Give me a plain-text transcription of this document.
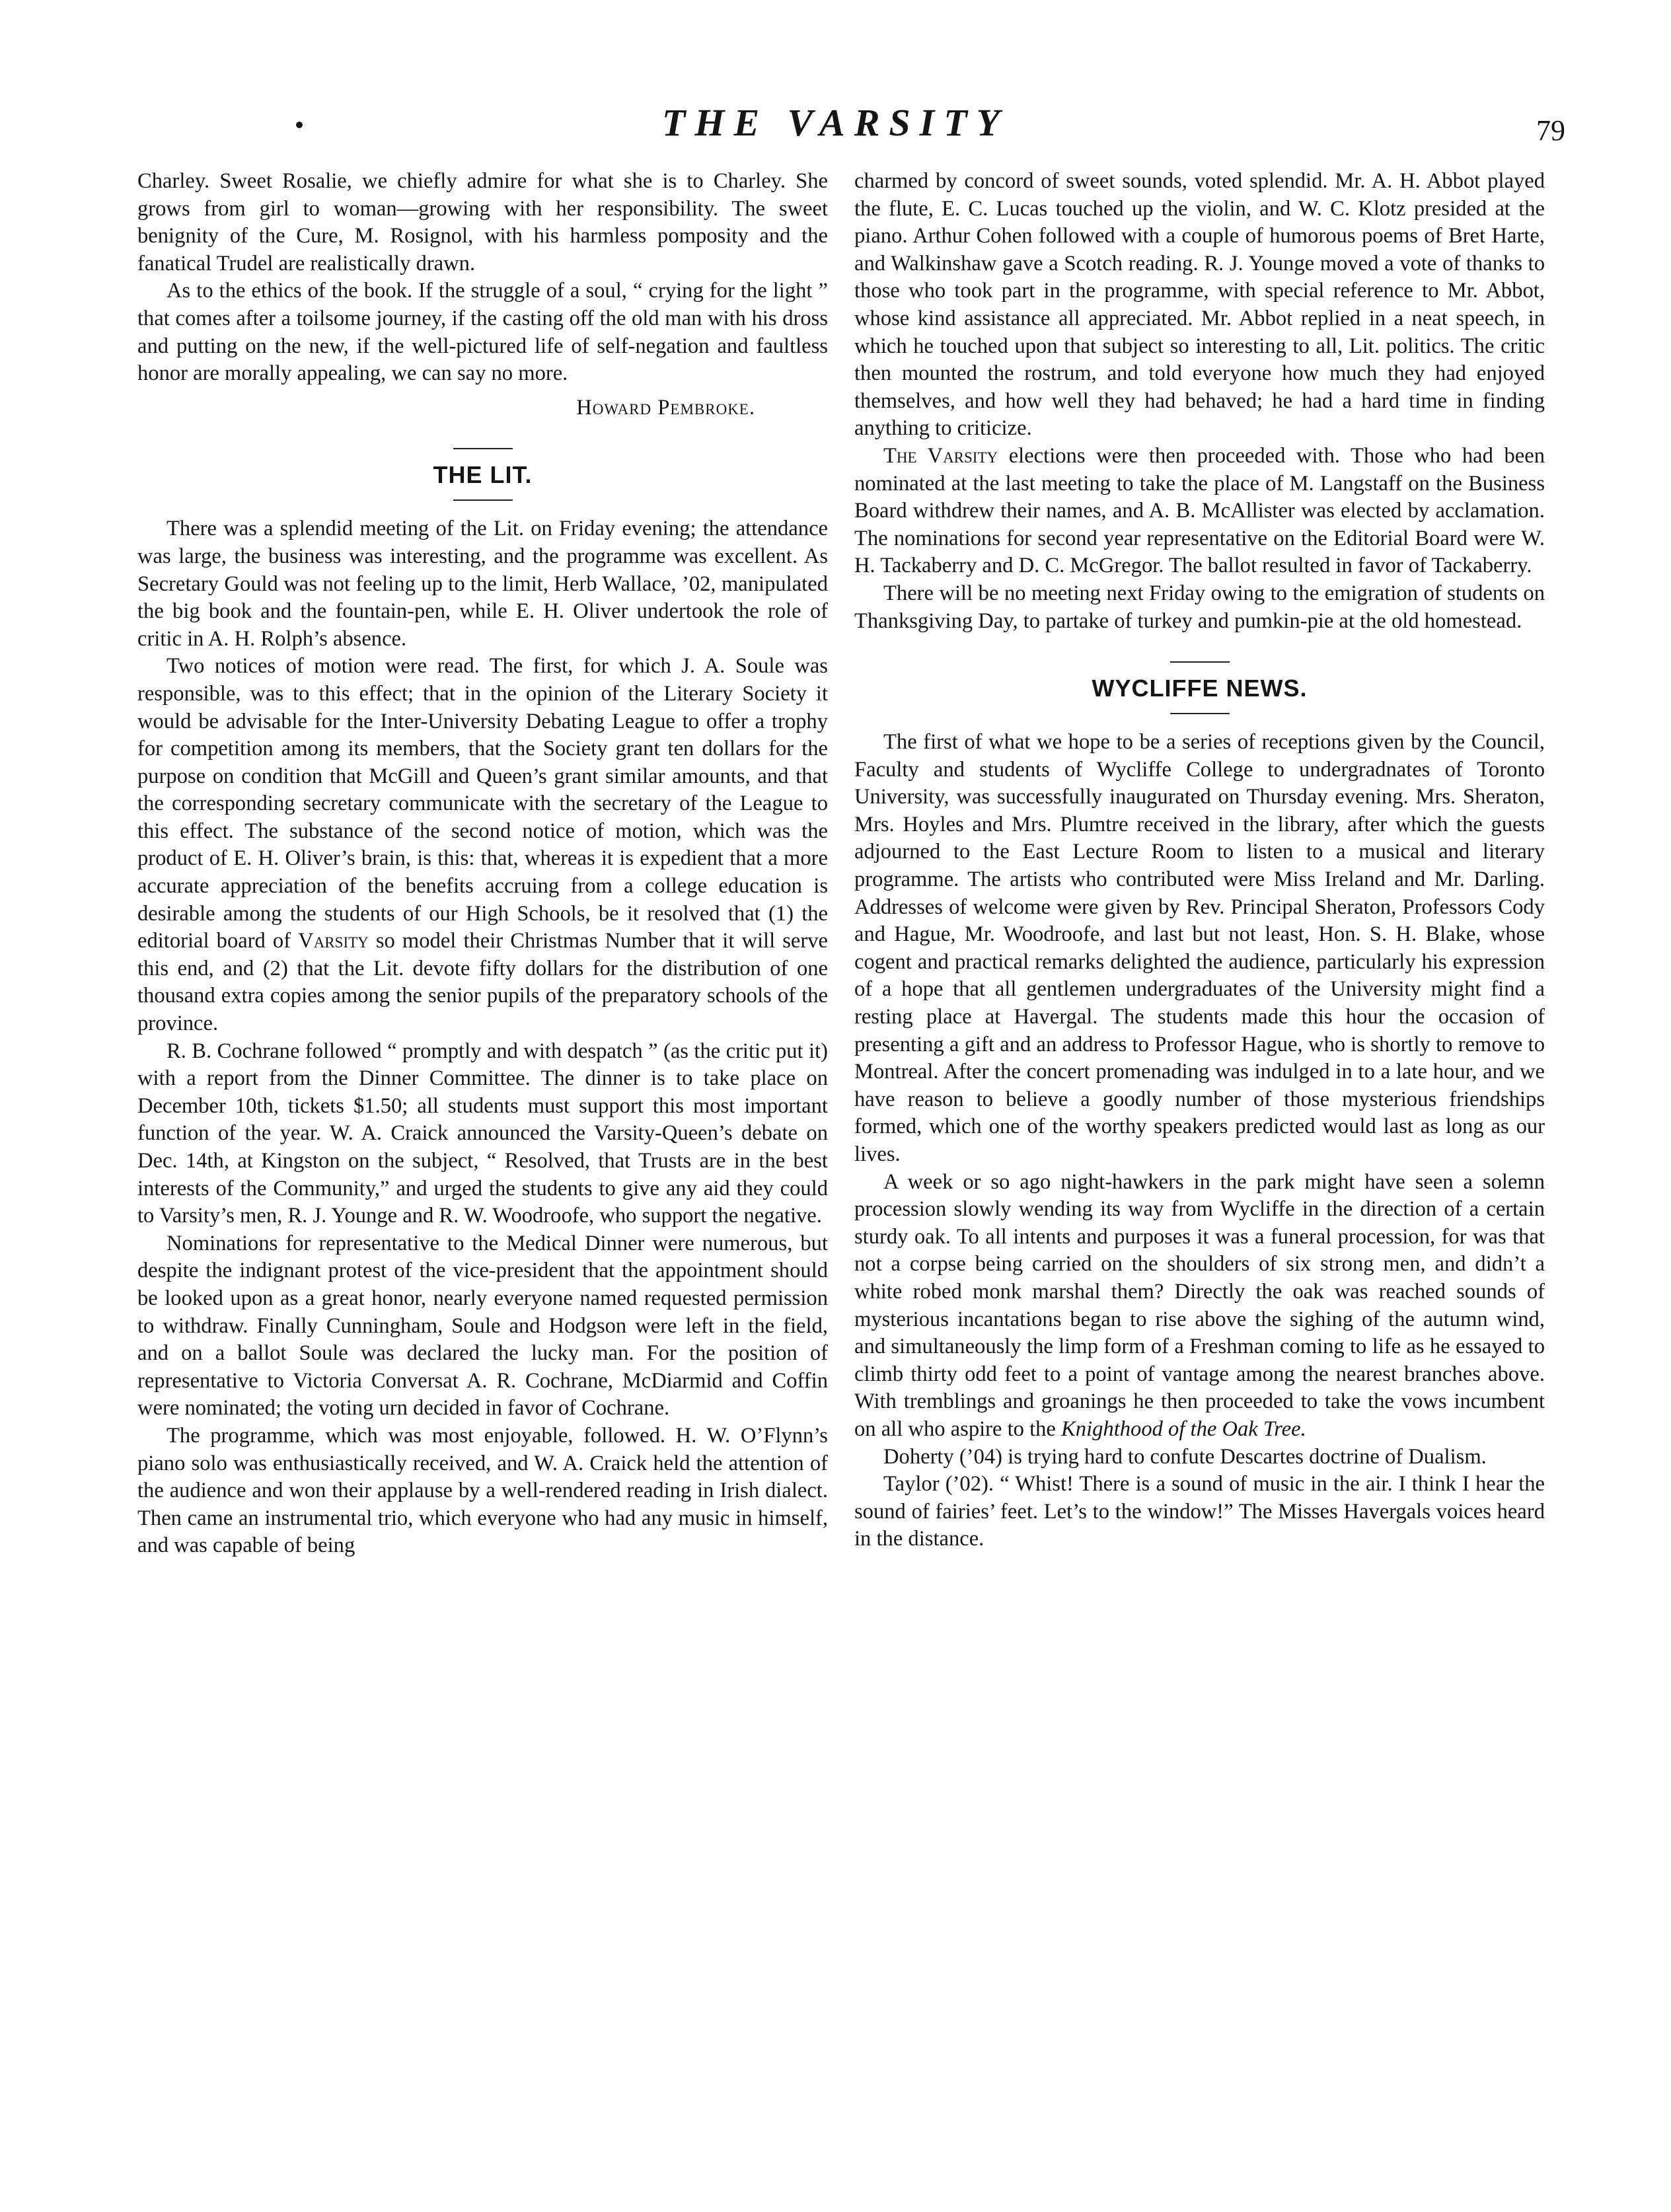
THE VARSITY	79

Charley. Sweet Rosalie, we chiefly admire for what she is to Charley. She grows from girl to woman—growing with her responsibility. The sweet benignity of the Cure, M. Rosignol, with his harmless pomposity and the fanatical Trudel are realistically drawn.

As to the ethics of the book. If the struggle of a soul, “ crying for the light ” that comes after a toilsome journey, if the casting off the old man with his dross and putting on the new, if the well-pictured life of self-negation and faultless honor are morally appealing, we can say no more.

Howard Pembroke.
THE LIT.

There was a splendid meeting of the Lit. on Friday evening; the attendance was large, the business was interesting, and the programme was excellent. As Secretary Gould was not feeling up to the limit, Herb Wallace, ’02, manipulated the big book and the fountain-pen, while E. H. Oliver undertook the role of critic in A. H. Rolph’s absence.

Two notices of motion were read. The first, for which J. A. Soule was responsible, was to this effect; that in the opinion of the Literary Society it would be advisable for the Inter-University Debating League to offer a trophy for competition among its members, that the Society grant ten dollars for the purpose on condition that McGill and Queen’s grant similar amounts, and that the corresponding secretary communicate with the secretary of the League to this effect. The substance of the second notice of motion, which was the product of E. H. Oliver’s brain, is this: that, whereas it is expedient that a more accurate appreciation of the benefits accruing from a college education is desirable among the students of our High Schools, be it resolved that (1) the editorial board of Varsity so model their Christmas Number that it will serve this end, and (2) that the Lit. devote fifty dollars for the distribution of one thousand extra copies among the senior pupils of the preparatory schools of the province.

R. B. Cochrane followed “ promptly and with despatch ” (as the critic put it) with a report from the Dinner Committee. The dinner is to take place on December 10th, tickets $1.50; all students must support this most important function of the year. W. A. Craick announced the Varsity-Queen’s debate on Dec. 14th, at Kingston on the subject, “ Resolved, that Trusts are in the best interests of the Community,” and urged the students to give any aid they could to Varsity’s men, R. J. Younge and R. W. Woodroofe, who support the negative.

Nominations for representative to the Medical Dinner were numerous, but despite the indignant protest of the vice-president that the appointment should be looked upon as a great honor, nearly everyone named requested permission to withdraw. Finally Cunningham, Soule and Hodgson were left in the field, and on a ballot Soule was declared the lucky man. For the position of representative to Victoria Conversat A. R. Cochrane, McDiarmid and Coffin were nominated; the voting urn decided in favor of Cochrane.

The programme, which was most enjoyable, followed. H. W. O’Flynn’s piano solo was enthusiastically received, and W. A. Craick held the attention of the audience and won their applause by a well-rendered reading in Irish dialect. Then came an instrumental trio, which everyone who had any music in himself, and was capable of being

charmed by concord of sweet sounds, voted splendid. Mr. A. H. Abbot played the flute, E. C. Lucas touched up the violin, and W. C. Klotz presided at the piano. Arthur Cohen followed with a couple of humorous poems of Bret Harte, and Walkinshaw gave a Scotch reading. R. J. Younge moved a vote of thanks to those who took part in the programme, with special reference to Mr. Abbot, whose kind assistance all appreciated. Mr. Abbot replied in a neat speech, in which he touched upon that subject so interesting to all, Lit. politics. The critic then mounted the rostrum, and told everyone how much they had enjoyed themselves, and how well they had behaved; he had a hard time in finding anything to criticize.

The Varsity elections were then proceeded with. Those who had been nominated at the last meeting to take the place of M. Langstaff on the Business Board withdrew their names, and A. B. McAllister was elected by acclamation. The nominations for second year representative on the Editorial Board were W. H. Tackaberry and D. C. McGregor. The ballot resulted in favor of Tackaberry.

There will be no meeting next Friday owing to the emigration of students on Thanksgiving Day, to partake of turkey and pumkin-pie at the old homestead.

WYCLIFFE NEWS.

The first of what we hope to be a series of receptions given by the Council, Faculty and students of Wycliffe College to undergradnates of Toronto University, was successfully inaugurated on Thursday evening. Mrs. Sheraton, Mrs. Hoyles and Mrs. Plumtre received in the library, after which the guests adjourned to the East Lecture Room to listen to a musical and literary programme. The artists who contributed were Miss Ireland and Mr. Darling. Addresses of welcome were given by Rev. Principal Sheraton, Professors Cody and Hague, Mr. Woodroofe, and last but not least, Hon. S. H. Blake, whose cogent and practical remarks delighted the audience, particularly his expression of a hope that all gentlemen undergraduates of the University might find a resting place at Havergal. The students made this hour the occasion of presenting a gift and an address to Professor Hague, who is shortly to remove to Montreal. After the concert promenading was indulged in to a late hour, and we have reason to believe a goodly number of those mysterious friendships formed, which one of the worthy speakers predicted would last as long as our lives.

A week or so ago night-hawkers in the park might have seen a solemn procession slowly wending its way from Wycliffe in the direction of a certain sturdy oak. To all intents and purposes it was a funeral procession, for was that not a corpse being carried on the shoulders of six strong men, and didn’t a white robed monk marshal them? Directly the oak was reached sounds of mysterious incantations began to rise above the sighing of the autumn wind, and simultaneously the limp form of a Freshman coming to life as he essayed to climb thirty odd feet to a point of vantage among the nearest branches above. With tremblings and groanings he then proceeded to take the vows incumbent on all who aspire to the Knighthood of the Oak Tree.

Doherty (’04) is trying hard to confute Descartes doctrine of Dualism.

Taylor (’02). “ Whist! There is a sound of music in the air. I think I hear the sound of fairies’ feet. Let’s to the window!” The Misses Havergals voices heard in the distance.
